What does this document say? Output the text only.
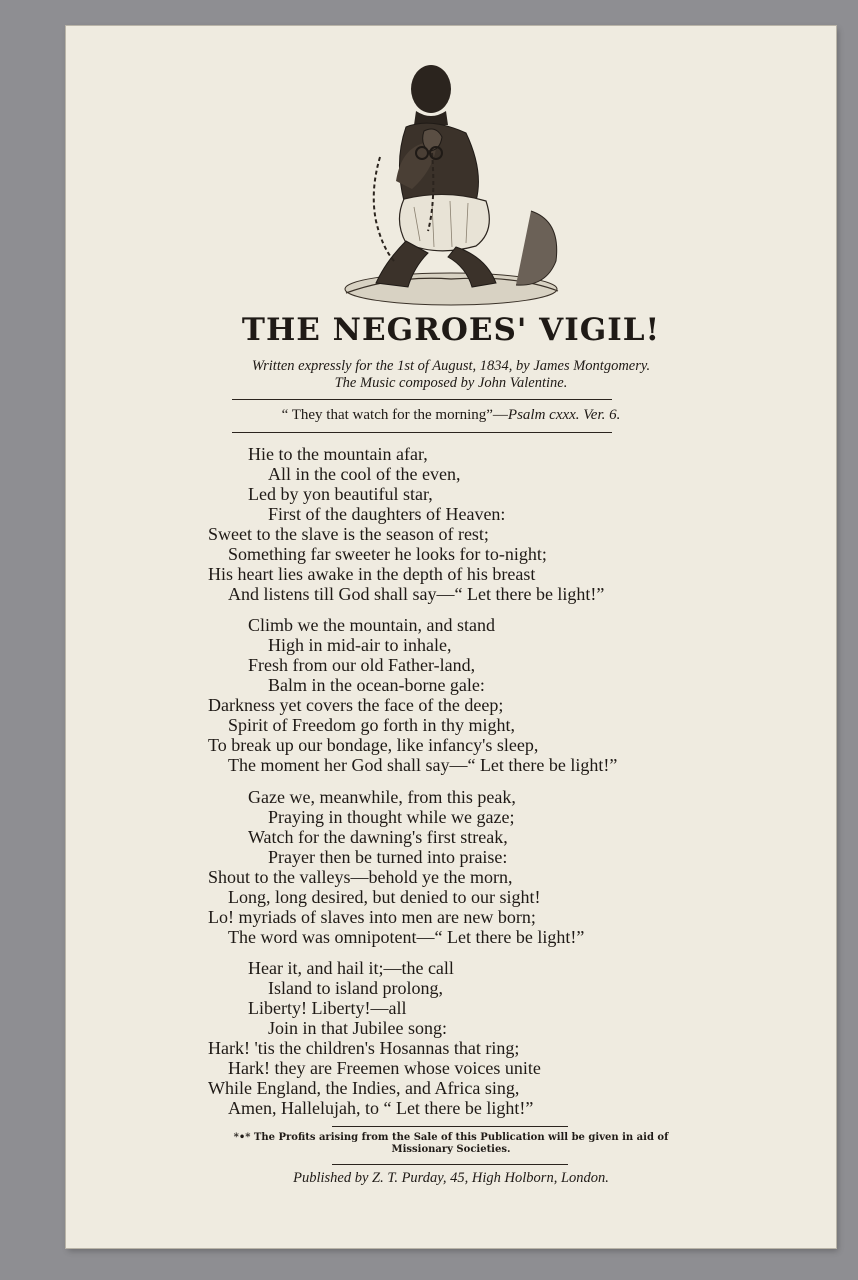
THE NEGROES' VIGIL!
Written expressly for the 1st of August, 1834, by James Montgomery.
The Music composed by John Valentine.
“ They that watch for the morning”—Psalm cxxx. Ver. 6.
Hie to the mountain afar,
All in the cool of the even,
Led by yon beautiful star,
First of the daughters of Heaven:
Sweet to the slave is the season of rest;
Something far sweeter he looks for to-night;
His heart lies awake in the depth of his breast
And listens till God shall say—“ Let there be light!”
Climb we the mountain, and stand
High in mid-air to inhale,
Fresh from our old Father-land,
Balm in the ocean-borne gale:
Darkness yet covers the face of the deep;
Spirit of Freedom go forth in thy might,
To break up our bondage, like infancy's sleep,
The moment her God shall say—“ Let there be light!”
Gaze we, meanwhile, from this peak,
Praying in thought while we gaze;
Watch for the dawning's first streak,
Prayer then be turned into praise:
Shout to the valleys—behold ye the morn,
Long, long desired, but denied to our sight!
Lo! myriads of slaves into men are new born;
The word was omnipotent—“ Let there be light!”
Hear it, and hail it;—the call
Island to island prolong,
Liberty! Liberty!—all
Join in that Jubilee song:
Hark! 'tis the children's Hosannas that ring;
Hark! they are Freemen whose voices unite
While England, the Indies, and Africa sing,
Amen, Hallelujah, to “ Let there be light!”
*•* The Profits arising from the Sale of this Publication will be given in aid of
Missionary Societies.
Published by Z. T. Purday, 45, High Holborn, London.
